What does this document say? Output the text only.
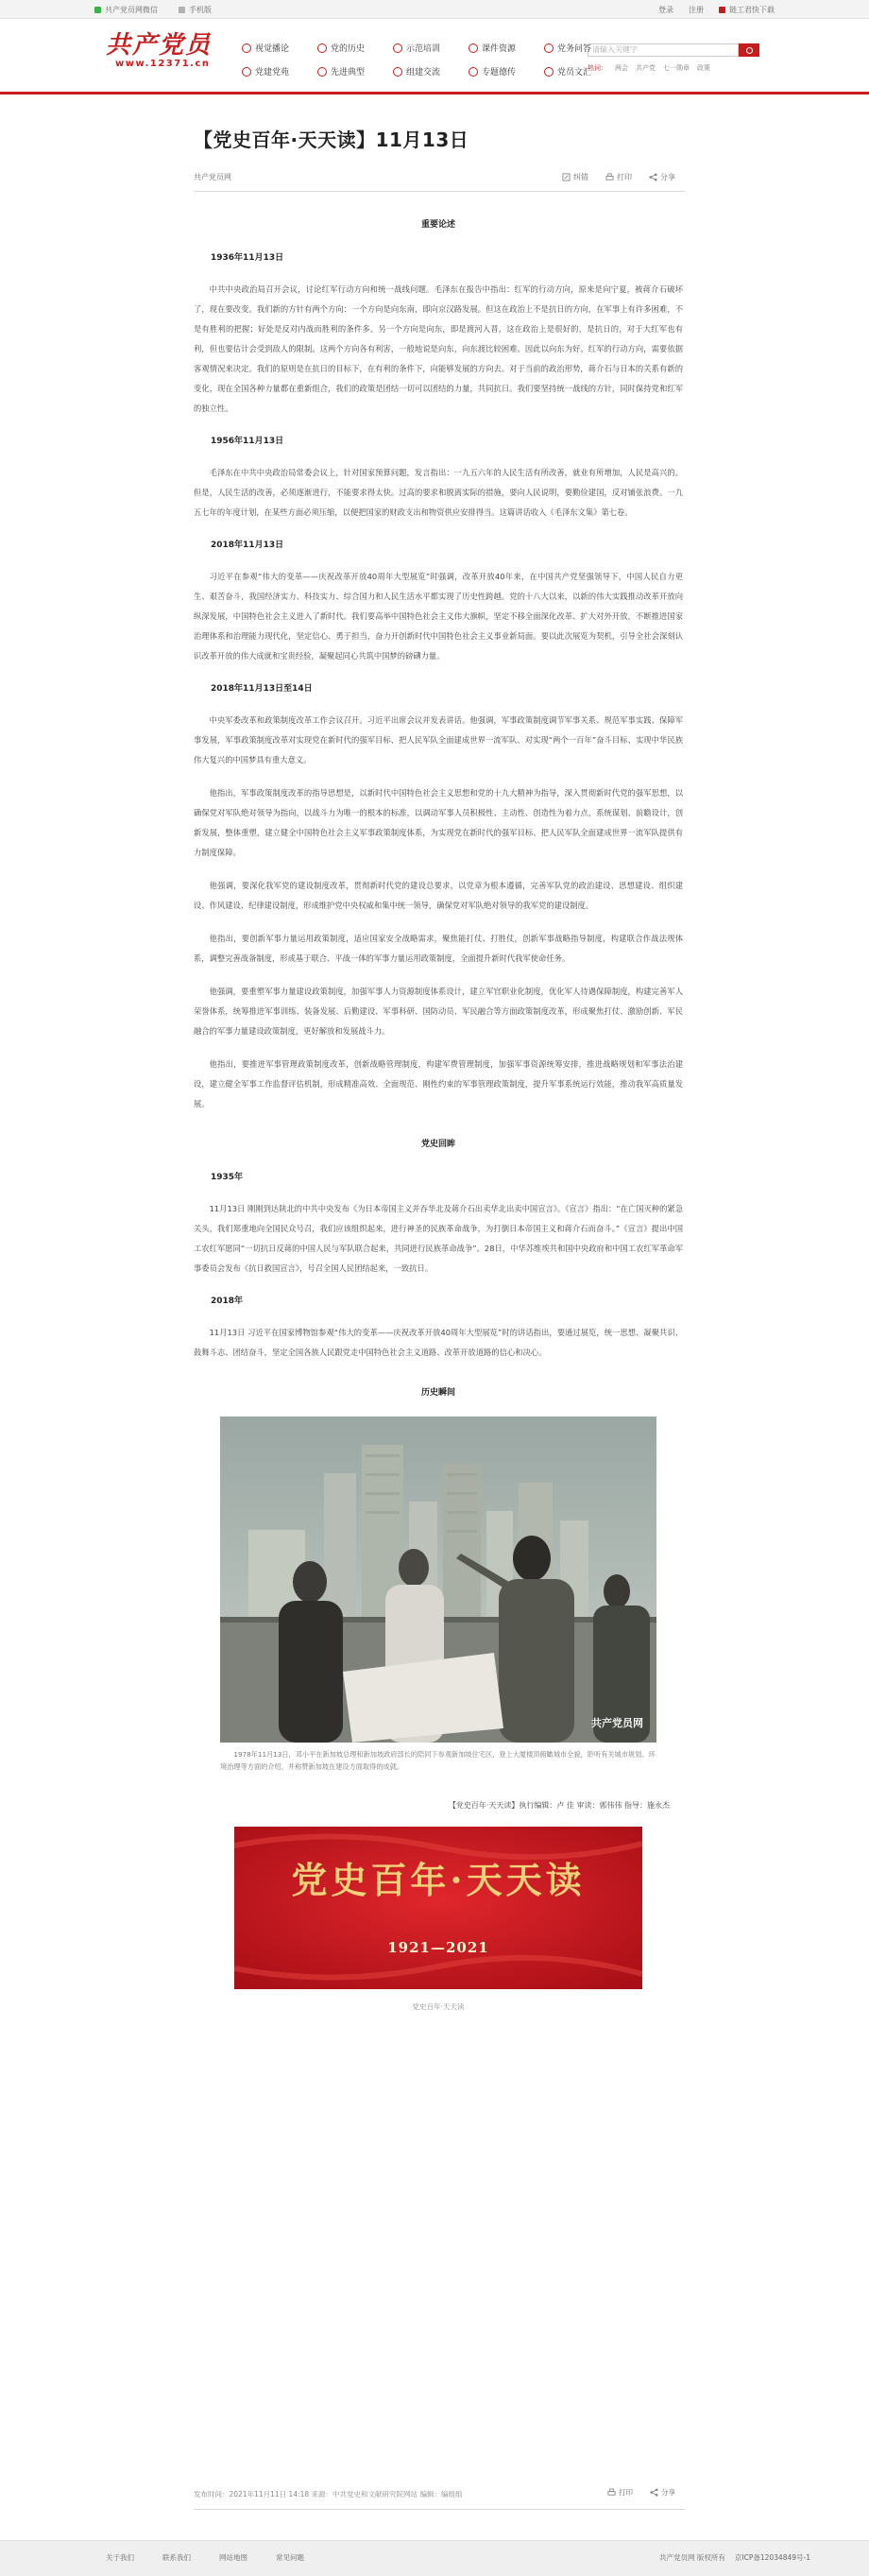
共产党员网微信	手机版	登录 注册	链工君快下载
共产党员
www.12371.cn
视觉播论	党的历史	示范培训	课件资源	党务问答
党建党苑	先进典型	组建交流	专题德传	党员文汇
请输入关键字
热词： 两会 共产党 七一勋章 政策
【党史百年·天天读】11月13日
共产党员网	纠错	打印	分享
重要论述
1936年11月13日

中共中央政治局召开会议，讨论红军行动方向和统一战线问题。毛泽东在报告中指出：红军的行动方向，原来是向宁夏，被蒋介石破坏了，现在要改变。我们新的方针有两个方向：一个方向是向东南，即向京汉路发展。但这在政治上不是抗日的方向，在军事上有许多困难，不是有胜利的把握；好处是反对内战而胜利的条件多。另一个方向是向东，即是渡河入晋，这在政治上是很好的，是抗日的，对于大红军也有利，但也要估计会受到敌人的限制。这两个方向各有利害，一般地说是向东，向东渡比较困难。因此以向东为好。红军的行动方向，需要依据客观情况来决定。我们的原则是在抗日的目标下，在有利的条件下，向能够发展的方向去。对于当前的政治形势，蒋介石与日本的关系有新的变化，现在全国各种力量都在重新组合，我们的政策是团结一切可以团结的力量，共同抗日。我们要坚持统一战线的方针，同时保持党和红军的独立性。

1956年11月13日

毛泽东在中共中央政治局常委会议上，针对国家预算问题，发言指出：一九五六年的人民生活有所改善，就业有所增加，人民是高兴的。但是，人民生活的改善，必须逐渐进行，不能要求得太快。过高的要求和脱离实际的措施，要向人民说明，要勤俭建国，反对铺张浪费。一九五七年的年度计划，在某些方面必须压缩，以便把国家的财政支出和物资供应安排得当。这篇讲话收入《毛泽东文集》第七卷。

2018年11月13日

习近平在参观“伟大的变革——庆祝改革开放40周年大型展览”时强调，改革开放40年来，在中国共产党坚强领导下，中国人民自力更生、艰苦奋斗，我国经济实力、科技实力、综合国力和人民生活水平都实现了历史性跨越。党的十八大以来，以新的伟大实践推动改革开放向纵深发展，中国特色社会主义进入了新时代。我们要高举中国特色社会主义伟大旗帜，坚定不移全面深化改革、扩大对外开放，不断推进国家治理体系和治理能力现代化，坚定信心、勇于担当，奋力开创新时代中国特色社会主义事业新局面。要以此次展览为契机，引导全社会深刻认识改革开放的伟大成就和宝贵经验，凝聚起同心共筑中国梦的磅礴力量。

2018年11月13日至14日

中央军委改革和政策制度改革工作会议召开。习近平出席会议并发表讲话。他强调，军事政策制度调节军事关系、规范军事实践、保障军事发展，军事政策制度改革对实现党在新时代的强军目标、把人民军队全面建成世界一流军队、对实现“两个一百年”奋斗目标、实现中华民族伟大复兴的中国梦具有重大意义。

他指出，军事政策制度改革的指导思想是，以新时代中国特色社会主义思想和党的十九大精神为指导，深入贯彻新时代党的强军思想，以确保党对军队绝对领导为指向，以战斗力为唯一的根本的标准，以调动军事人员积极性、主动性、创造性为着力点，系统谋划、前瞻设计，创新发展，整体重塑，建立健全中国特色社会主义军事政策制度体系，为实现党在新时代的强军目标、把人民军队全面建成世界一流军队提供有力制度保障。

他强调，要深化我军党的建设制度改革，贯彻新时代党的建设总要求，以党章为根本遵循，完善军队党的政治建设、思想建设、组织建设、作风建设、纪律建设制度，形成维护党中央权威和集中统一领导，确保党对军队绝对领导的我军党的建设制度。

他指出，要创新军事力量运用政策制度，适应国家安全战略需求，聚焦能打仗、打胜仗，创新军事战略指导制度，构建联合作战法规体系，调整完善战备制度，形成基于联合、平战一体的军事力量运用政策制度，全面提升新时代我军使命任务。

他强调，要重塑军事力量建设政策制度，加强军事人力资源制度体系设计，建立军官职业化制度，优化军人待遇保障制度，构建完善军人荣誉体系，统筹推进军事训练、装备发展、后勤建设、军事科研、国防动员、军民融合等方面政策制度改革，形成聚焦打仗、激励创新、军民融合的军事力量建设政策制度，更好解放和发展战斗力。

他指出，要推进军事管理政策制度改革，创新战略管理制度，构建军费管理制度，加强军事资源统筹安排，推进战略规划和军事法治建设，建立健全军事工作监督评估机制，形成精准高效、全面规范、刚性约束的军事管理政策制度，提升军事系统运行效能，推动我军高质量发展。

党史回眸
1935年

11月13日 刚刚到达陕北的中共中央发布《为日本帝国主义并吞华北及蒋介石出卖华北出卖中国宣言》。《宣言》指出：“在亡国灭种的紧急关头，我们郑重地向全国民众号召，我们应该组织起来，进行神圣的民族革命战争，为打倒日本帝国主义和蒋介石而奋斗。”《宣言》提出中国工农红军愿同“一切抗日反蒋的中国人民与军队联合起来，共同进行民族革命战争”。28日，中华苏维埃共和国中央政府和中国工农红军革命军事委员会发布《抗日救国宣言》，号召全国人民团结起来，一致抗日。

2018年

11月13日 习近平在国家博物馆参观“伟大的变革——庆祝改革开放40周年大型展览”时的讲话指出，要通过展览，统一思想、凝聚共识、鼓舞斗志、团结奋斗，坚定全国各族人民跟党走中国特色社会主义道路、改革开放道路的信心和决心。

历史瞬间
共产党员网
1978年11月13日，邓小平在新加坡总理和新加坡政府部长的陪同下参观新加坡住宅区，登上大厦楼顶俯瞰城市全貌，聆听有关城市规划、环境治理等方面的介绍，并称赞新加坡在建设方面取得的成就。
【党史百年·天天读】执行编辑：卢 佳 审读：郭伟伟 指导：施永杰
党史百年·天天读
1921—2021
党史百年·天天读
发布时间：2021年11月11日 14:18 来源：中共党史和文献研究院网站 编辑：编组组	打印	分享
关于我们	联系我们	网站地图	常见问题	共产党员网 版权所有 京ICP备12034849号-1
